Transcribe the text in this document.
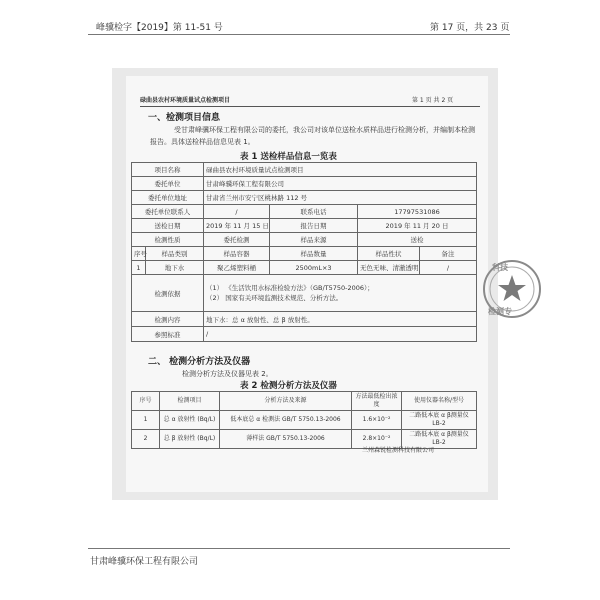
峰骥检字【2019】第 11-51 号	第 17 页，共 23 页
碌曲县农村环境质量试点检测项目	第 1 页 共 2 页
一、检测项目信息
受甘肃峰骥环保工程有限公司的委托，我公司对该单位送检水质样品进行检测分析，并编制本检测报告。具体送检样品信息见表 1。
表 1 送检样品信息一览表
项目名称		碌曲县农村环境质量试点检测项目			
委托单位		甘肃峰骥环保工程有限公司			
委托单位地址		甘肃省兰州市安宁区桃林路 112 号			
委托单位联系人		/	联系电话	17797531086	
送检日期		2019 年 11 月 15 日	报告日期	2019 年 11 月 20 日	
检测性质		委托检测	样品来源	送检	
序号	样品类别	样品容器	样品数量	样品性状	备注
1	地下水	聚乙烯塑料桶	2500mL×3	无色无味、清澈透明	/
检测依据		（1） 《生活饮用水标准检验方法》（GB/T5750-2006）；
（2） 国家有关环境监测技术规范、分析方法。			

检测内容		地下水：总 α 放射性、总 β 放射性。			
参照标准		/			
二、 检测分析方法及仪器
检测分析方法及仪器见表 2。
表 2 检测分析方法及仪器
序号	检测项目	分析方法及来源	方法最低检出浓度	使用仪器名称/型号
1	总 α 放射性 (Bq/L)	低本底总 α 检测法 GB/T 5750.13-2006	1.6×10⁻²	二路低本底 α β测量仪 LB-2
2	总 β 放射性 (Bq/L)	薄样法 GB/T 5750.13-2006	2.8×10⁻²	二路低本底 α β测量仪 LB-2
兰州森锐检测科技有限公司
科技
检测专
甘肃峰骥环保工程有限公司
